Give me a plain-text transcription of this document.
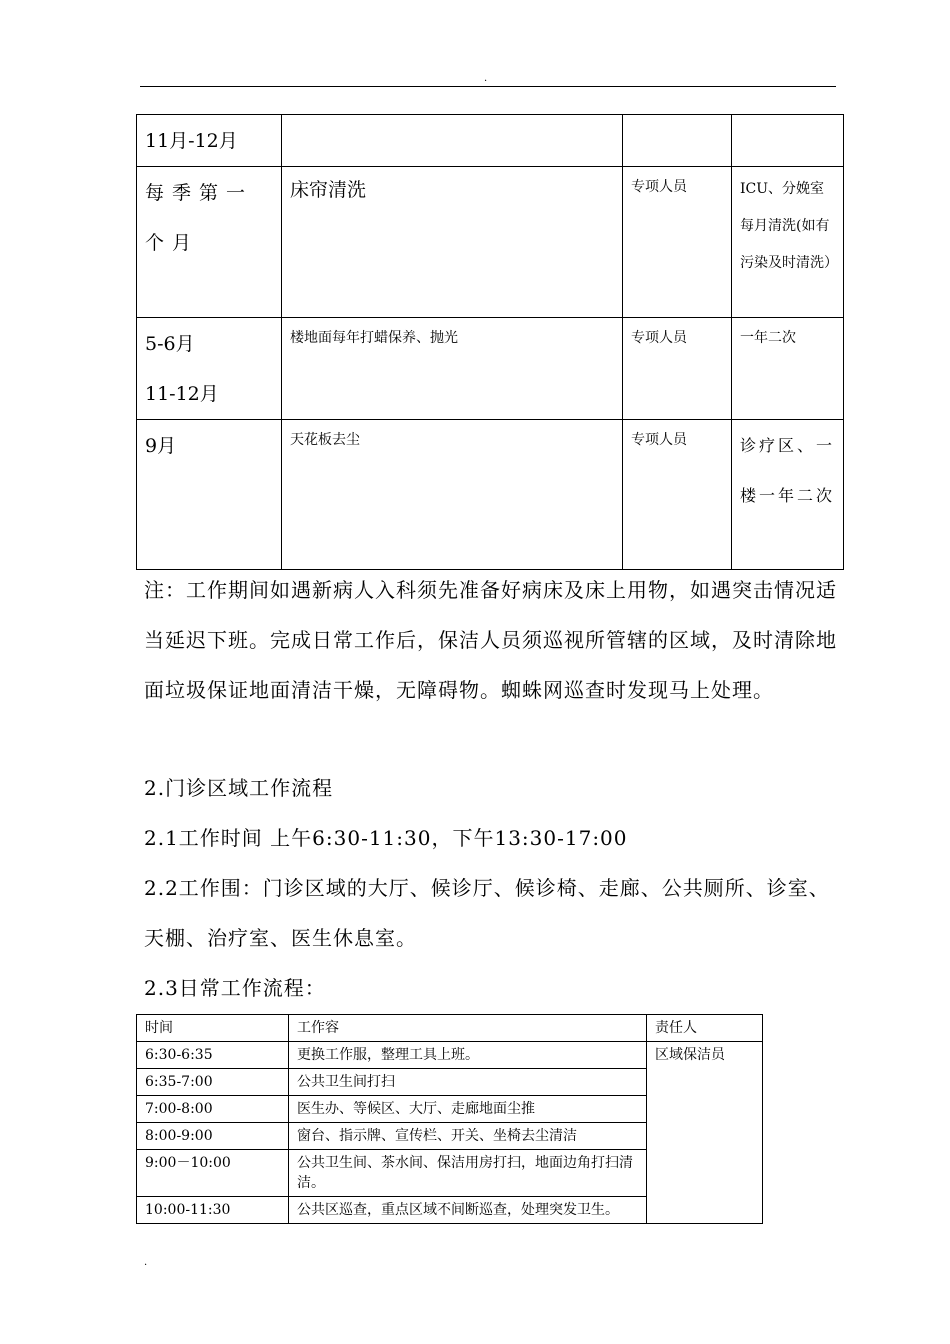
.
11月-12月			

每季第一个月	床帘清洗	专项人员	ICU、分娩室每月清洗(如有污染及时清洗）

5-6月
11-12月	楼地面每年打蜡保养、抛光	专项人员	一年二次

9月	天花板去尘	专项人员	诊疗区、一楼一年二次
注：工作期间如遇新病人入科须先准备好病床及床上用物，如遇突击情况适当延迟下班。完成日常工作后，保洁人员须巡视所管辖的区域，及时清除地面垃圾保证地面清洁干燥，无障碍物。蜘蛛网巡查时发现马上处理。
2.门诊区域工作流程
2.1工作时间 上午6:30-11:30，下午13:30-17:00
2.2工作围：门诊区域的大厅、候诊厅、候诊椅、走廊、公共厕所、诊室、天棚、治疗室、医生休息室。
2.3日常工作流程：
时间	工作容	责任人
6:30-6:35	更换工作服，整理工具上班。	区域保洁员
6:35-7:00	公共卫生间打扫	
7:00-8:00	医生办、等候区、大厅、走廊地面尘推	
8:00-9:00	窗台、指示牌、宣传栏、开关、坐椅去尘清洁	
9:00－10:00	公共卫生间、茶水间、保洁用房打扫，地面边角打扫清洁。	
10:00-11:30	公共区巡查，重点区域不间断巡查，处理突发卫生。	
.
